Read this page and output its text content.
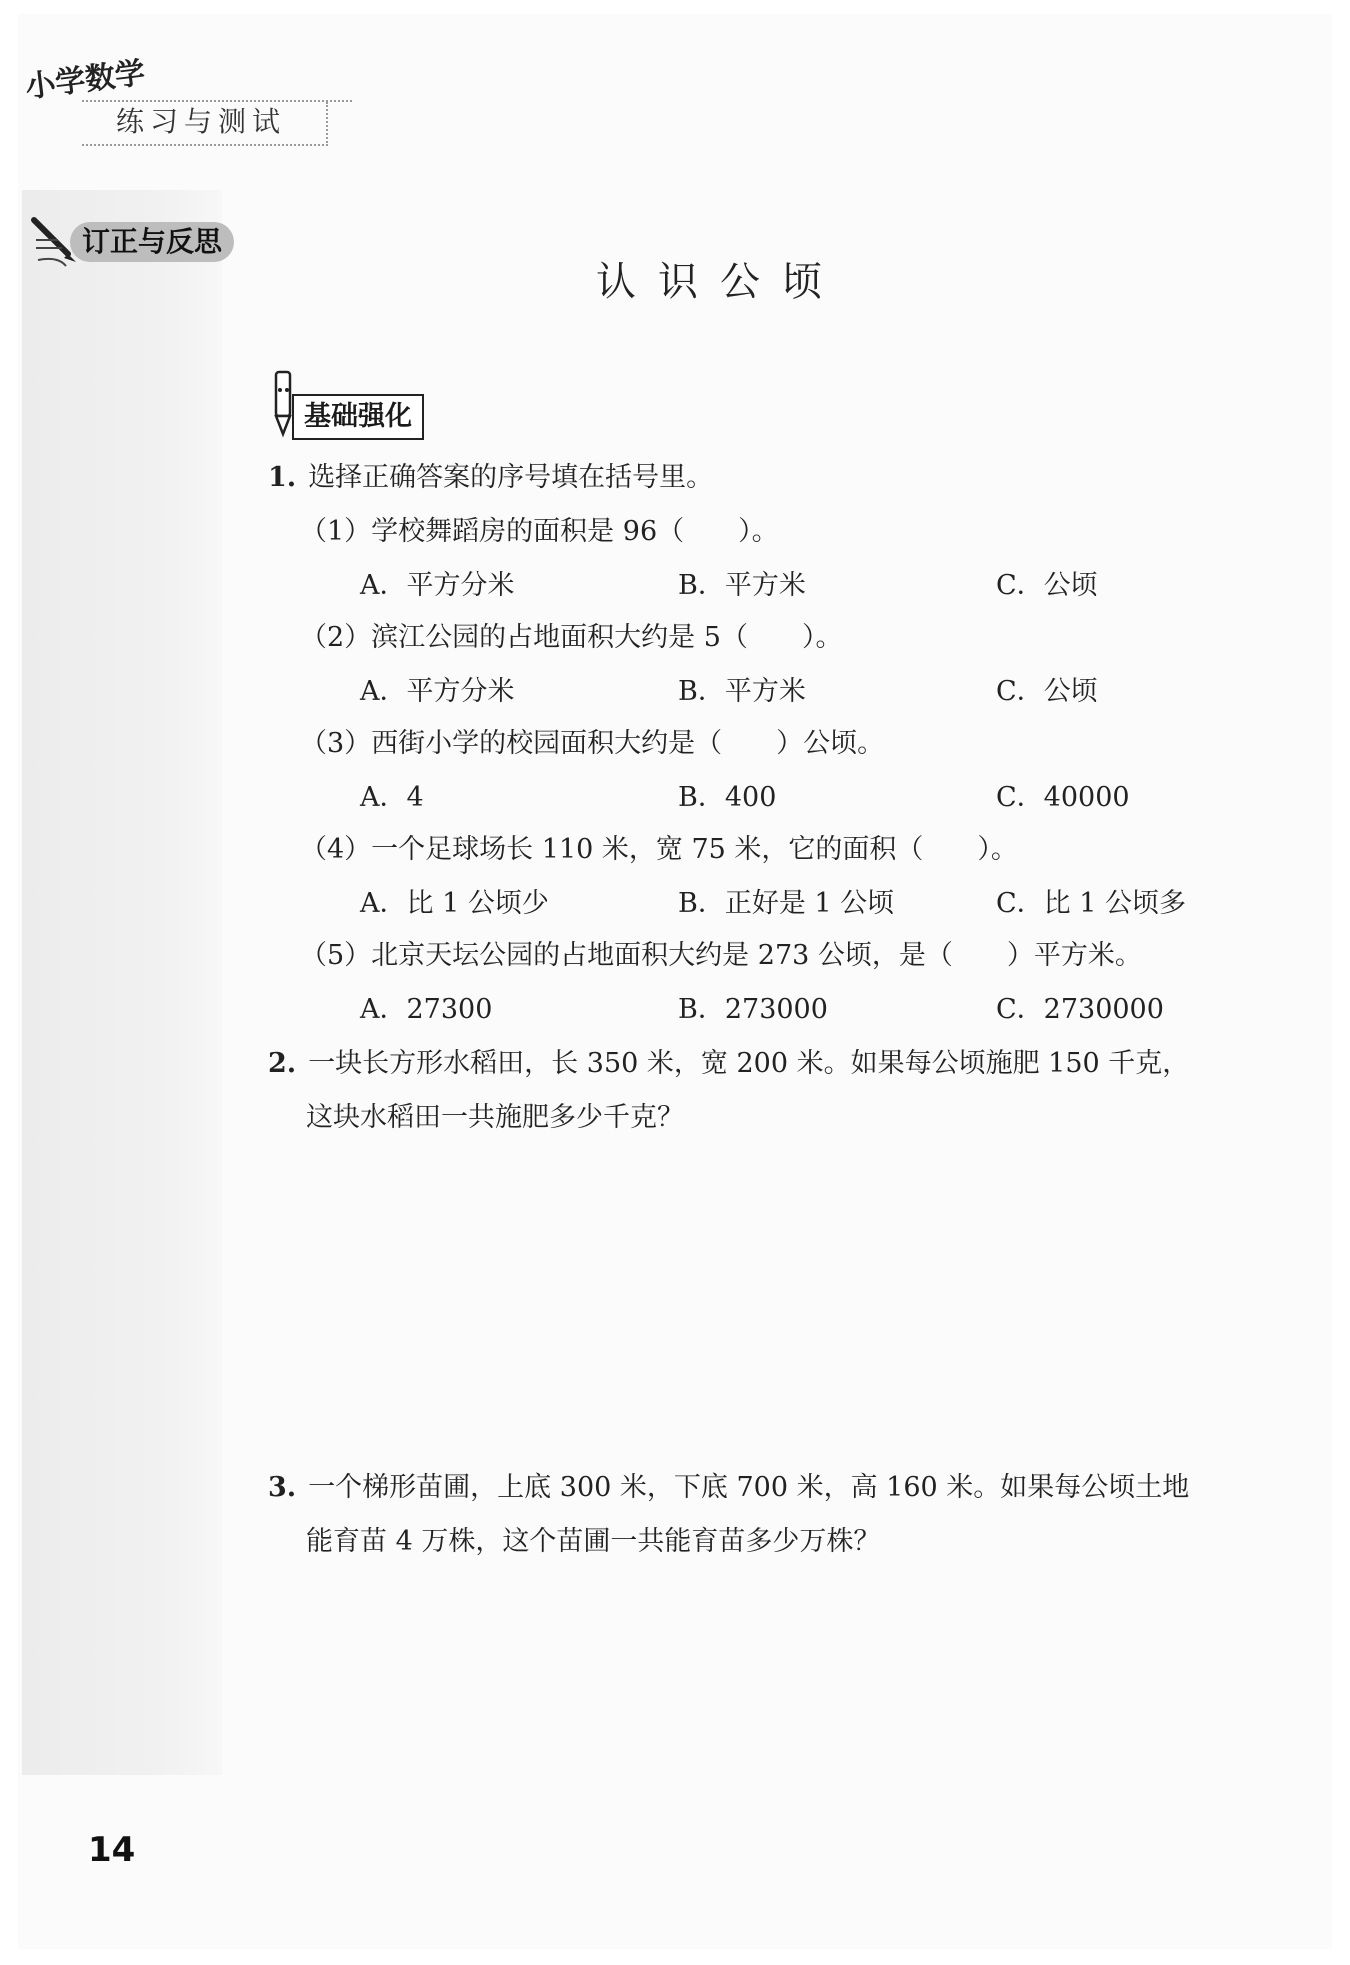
小学数学
练习与测试
订正与反思
认识公顷
基础强化
1. 选择正确答案的序号填在括号里。
（1）学校舞蹈房的面积是 96（　　）。
A．平方分米	B．平方米	C．公顷
（2）滨江公园的占地面积大约是 5（　　）。
A．平方分米	B．平方米	C．公顷
（3）西街小学的校园面积大约是（　　）公顷。
A．4	B．400	C．40000
（4）一个足球场长 110 米，宽 75 米，它的面积（　　）。
A．比 1 公顷少	B．正好是 1 公顷	C．比 1 公顷多
（5）北京天坛公园的占地面积大约是 273 公顷，是（　　）平方米。
A．27300	B．273000	C．2730000
2. 一块长方形水稻田，长 350 米，宽 200 米。如果每公顷施肥 150 千克，
这块水稻田一共施肥多少千克？
3. 一个梯形苗圃，上底 300 米，下底 700 米，高 160 米。如果每公顷土地
能育苗 4 万株，这个苗圃一共能育苗多少万株？
14
